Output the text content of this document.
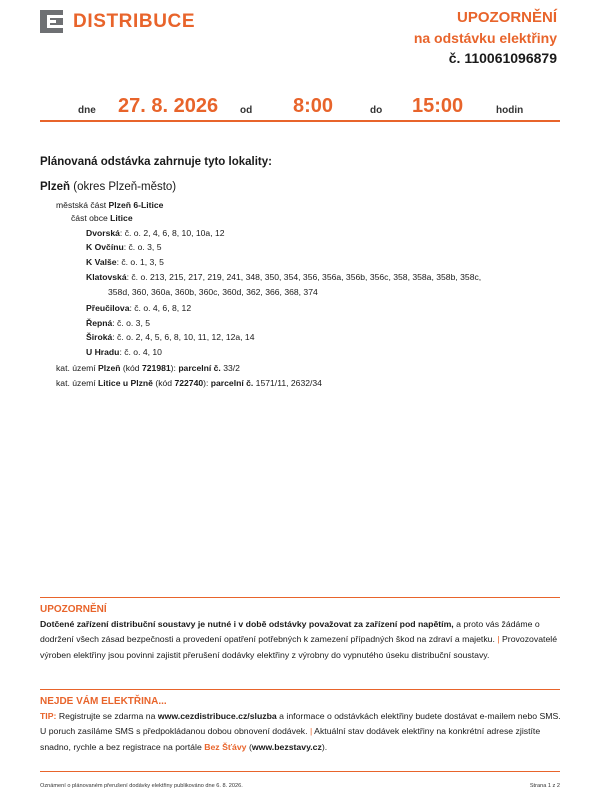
DISTRIBUCE	UPOZORNĚNÍ
na odstávku elektřiny
č. 110061096879
dne 27. 8. 2026 od 8:00	do 15:00	hodin
Plánovaná odstávka zahrnuje tyto lokality:
Plzeň (okres Plzeň-město)
městská část Plzeň 6-Litice
část obce Litice
Dvorská: č. o. 2, 4, 6, 8, 10, 10a, 12
K Ovčínu: č. o. 3, 5
K Valše: č. o. 1, 3, 5
Klatovská: č. o. 213, 215, 217, 219, 241, 348, 350, 354, 356, 356a, 356b, 356c, 358, 358a, 358b, 358c,
358d, 360, 360a, 360b, 360c, 360d, 362, 366, 368, 374
Přeučilova: č. o. 4, 6, 8, 12
Řepná: č. o. 3, 5
Široká: č. o. 2, 4, 5, 6, 8, 10, 11, 12, 12a, 14
U Hradu: č. o. 4, 10
kat. území Plzeň (kód 721981): parcelní č. 33/2
kat. území Litice u Plzně (kód 722740): parcelní č. 1571/11, 2632/34
UPOZORNĚNÍ
Dotčené zařízení distribuční soustavy je nutné i v době odstávky považovat za zařízení pod napětím, a proto vás žádáme o dodržení všech zásad bezpečnosti a provedení opatření potřebných k zamezení případných škod na zdraví a majetku. | Provozovatelé výroben elektřiny jsou povinni zajistit přerušení dodávky elektřiny z výrobny do vypnutého úseku distribuční soustavy.
NEJDE VÁM ELEKTŘINA...
TIP: Registrujte se zdarma na www.cezdistribuce.cz/sluzba a informace o odstávkách elektřiny budete dostávat e-mailem nebo SMS. U poruch zasíláme SMS s předpokládanou dobou obnovení dodávek. | Aktuální stav dodávek elektřiny na konkrétní adrese zjistíte snadno, rychle a bez registrace na portále Bez Šťávy (www.bezstavy.cz).
Oznámení o plánovaném přerušení dodávky elektřiny publikováno dne 6. 8. 2026.	Strana 1 z 2
